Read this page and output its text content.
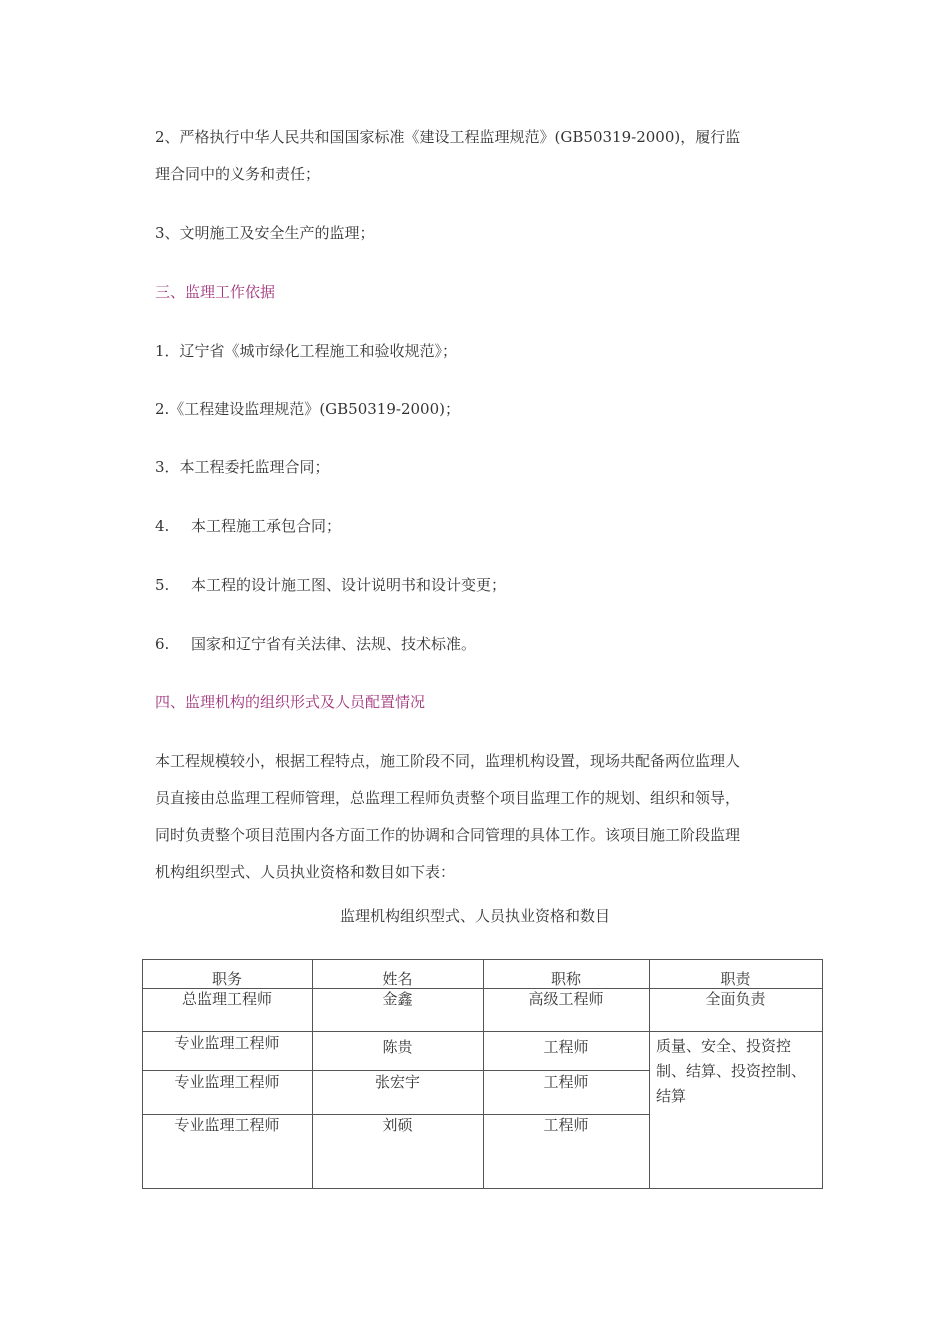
2、严格执行中华人民共和国国家标准《建设工程监理规范》(GB50319-2000)，履行监
理合同中的义务和责任；
3、文明施工及安全生产的监理；
三、监理工作依据
1．辽宁省《城市绿化工程施工和验收规范》；
2.《工程建设监理规范》(GB50319-2000)；
3．本工程委托监理合同；
4. 本工程施工承包合同；
5. 本工程的设计施工图、设计说明书和设计变更；
6. 国家和辽宁省有关法律、法规、技术标准。
四、监理机构的组织形式及人员配置情况
本工程规模较小，根据工程特点，施工阶段不同，监理机构设置，现场共配备两位监理人
员直接由总监理工程师管理，总监理工程师负责整个项目监理工作的规划、组织和领导，
同时负责整个项目范围内各方面工作的协调和合同管理的具体工作。该项目施工阶段监理
机构组织型式、人员执业资格和数目如下表：
监理机构组织型式、人员执业资格和数目
职务	姓名	职称	职责
总监理工程师	金鑫	高级工程师	全面负责
专业监理工程师	陈贵	工程师
专业监理工程师	张宏宇	工程师
专业监理工程师	刘硕	工程师
质量、安全、投资控制、结算、投资控制、结算
